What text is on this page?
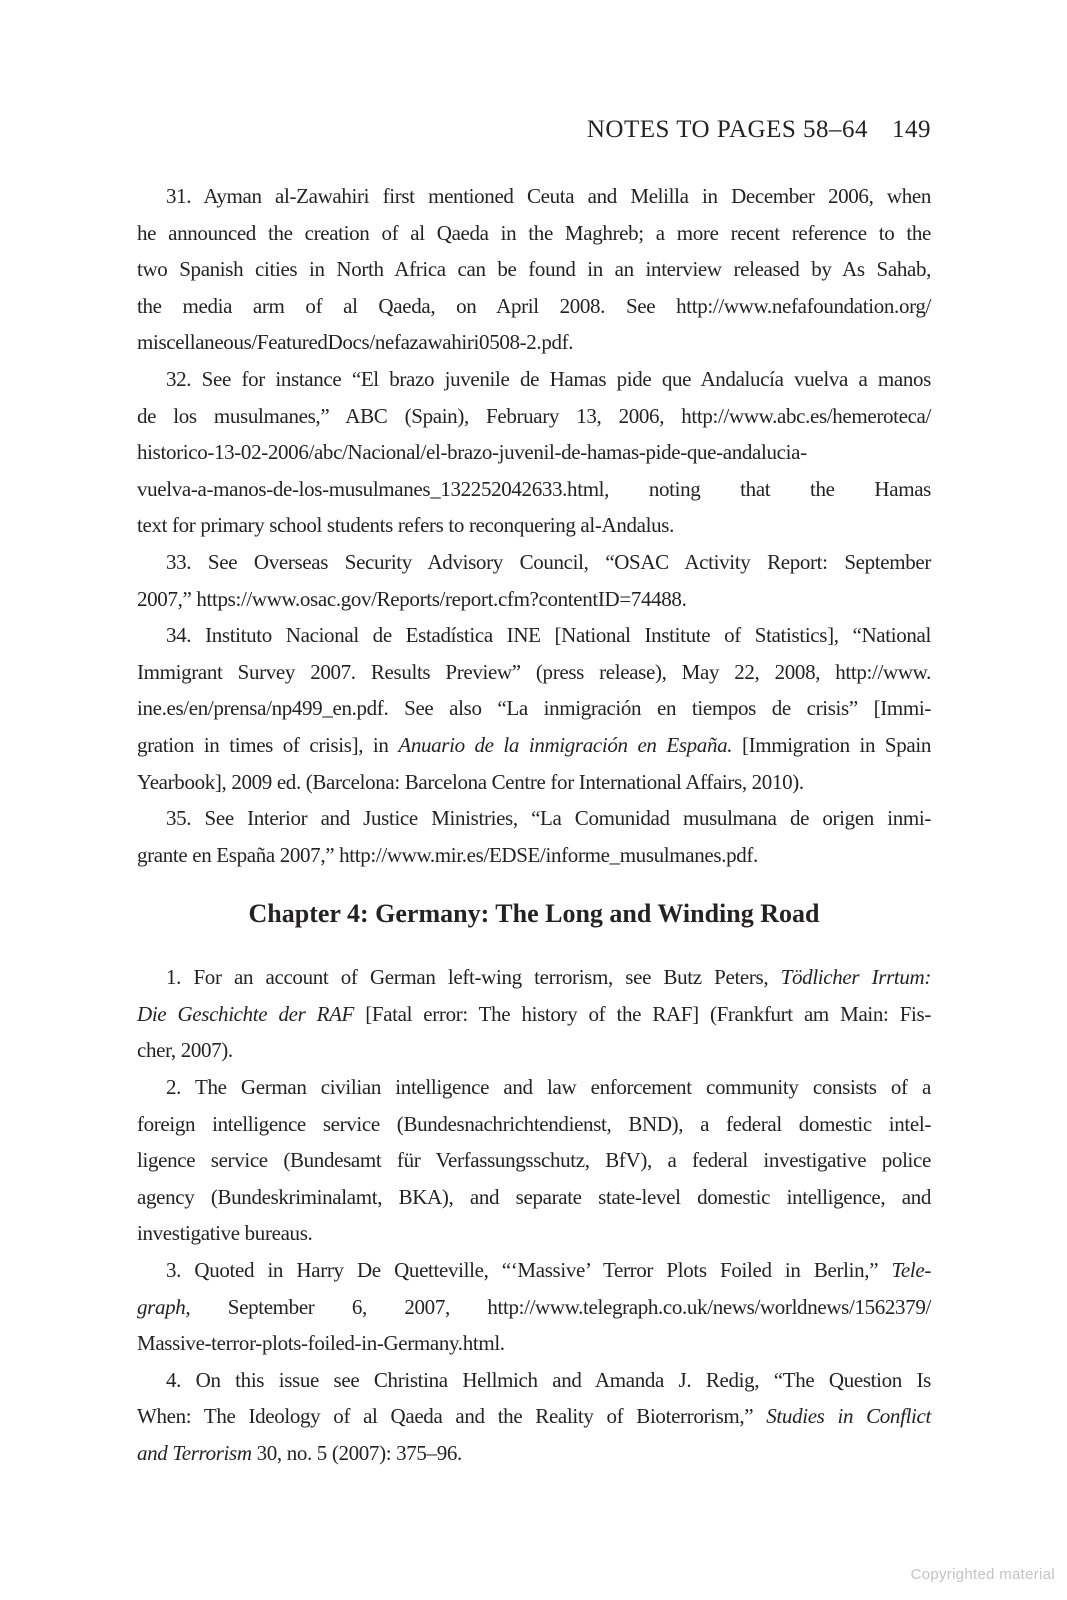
NOTES TO PAGES 58–64 149
31. Ayman al-Zawahiri first mentioned Ceuta and Melilla in December 2006, when
he announced the creation of al Qaeda in the Maghreb; a more recent reference to the
two Spanish cities in North Africa can be found in an interview released by As Sahab,
the media arm of al Qaeda, on April 2008. See http://www.nefafoundation.org/
miscellaneous/FeaturedDocs/nefazawahiri0508-2.pdf.
32. See for instance “El brazo juvenile de Hamas pide que Andalucía vuelva a manos
de los musulmanes,” ABC (Spain), February 13, 2006, http://www.abc.es/hemeroteca/
historico-13-02-2006/abc/Nacional/el-brazo-juvenil-de-hamas-pide-que-andalucia-
vuelva-a-manos-de-los-musulmanes_132252042633.html, noting that the Hamas
text for primary school students refers to reconquering al-Andalus.
33. See Overseas Security Advisory Council, “OSAC Activity Report: September
2007,” https://www.osac.gov/Reports/report.cfm?contentID=74488.
34. Instituto Nacional de Estadística INE [National Institute of Statistics], “National
Immigrant Survey 2007. Results Preview” (press release), May 22, 2008, http://www.
ine.es/en/prensa/np499_en.pdf. See also “La inmigración en tiempos de crisis” [Immi-
gration in times of crisis], in Anuario de la inmigración en España. [Immigration in Spain
Yearbook], 2009 ed. (Barcelona: Barcelona Centre for International Affairs, 2010).
35. See Interior and Justice Ministries, “La Comunidad musulmana de origen inmi-
grante en España 2007,” http://www.mir.es/EDSE/informe_musulmanes.pdf.
Chapter 4: Germany: The Long and Winding Road
1. For an account of German left-wing terrorism, see Butz Peters, Tödlicher Irrtum:
Die Geschichte der RAF [Fatal error: The history of the RAF] (Frankfurt am Main: Fis-
cher, 2007).
2. The German civilian intelligence and law enforcement community consists of a
foreign intelligence service (Bundesnachrichtendienst, BND), a federal domestic intel-
ligence service (Bundesamt für Verfassungsschutz, BfV), a federal investigative police
agency (Bundeskriminalamt, BKA), and separate state-level domestic intelligence, and
investigative bureaus.
3. Quoted in Harry De Quetteville, “‘Massive’ Terror Plots Foiled in Berlin,” Tele-
graph, September 6, 2007, http://www.telegraph.co.uk/news/worldnews/1562379/
Massive-terror-plots-foiled-in-Germany.html.
4. On this issue see Christina Hellmich and Amanda J. Redig, “The Question Is
When: The Ideology of al Qaeda and the Reality of Bioterrorism,” Studies in Conflict
and Terrorism 30, no. 5 (2007): 375–96.
Copyrighted material
